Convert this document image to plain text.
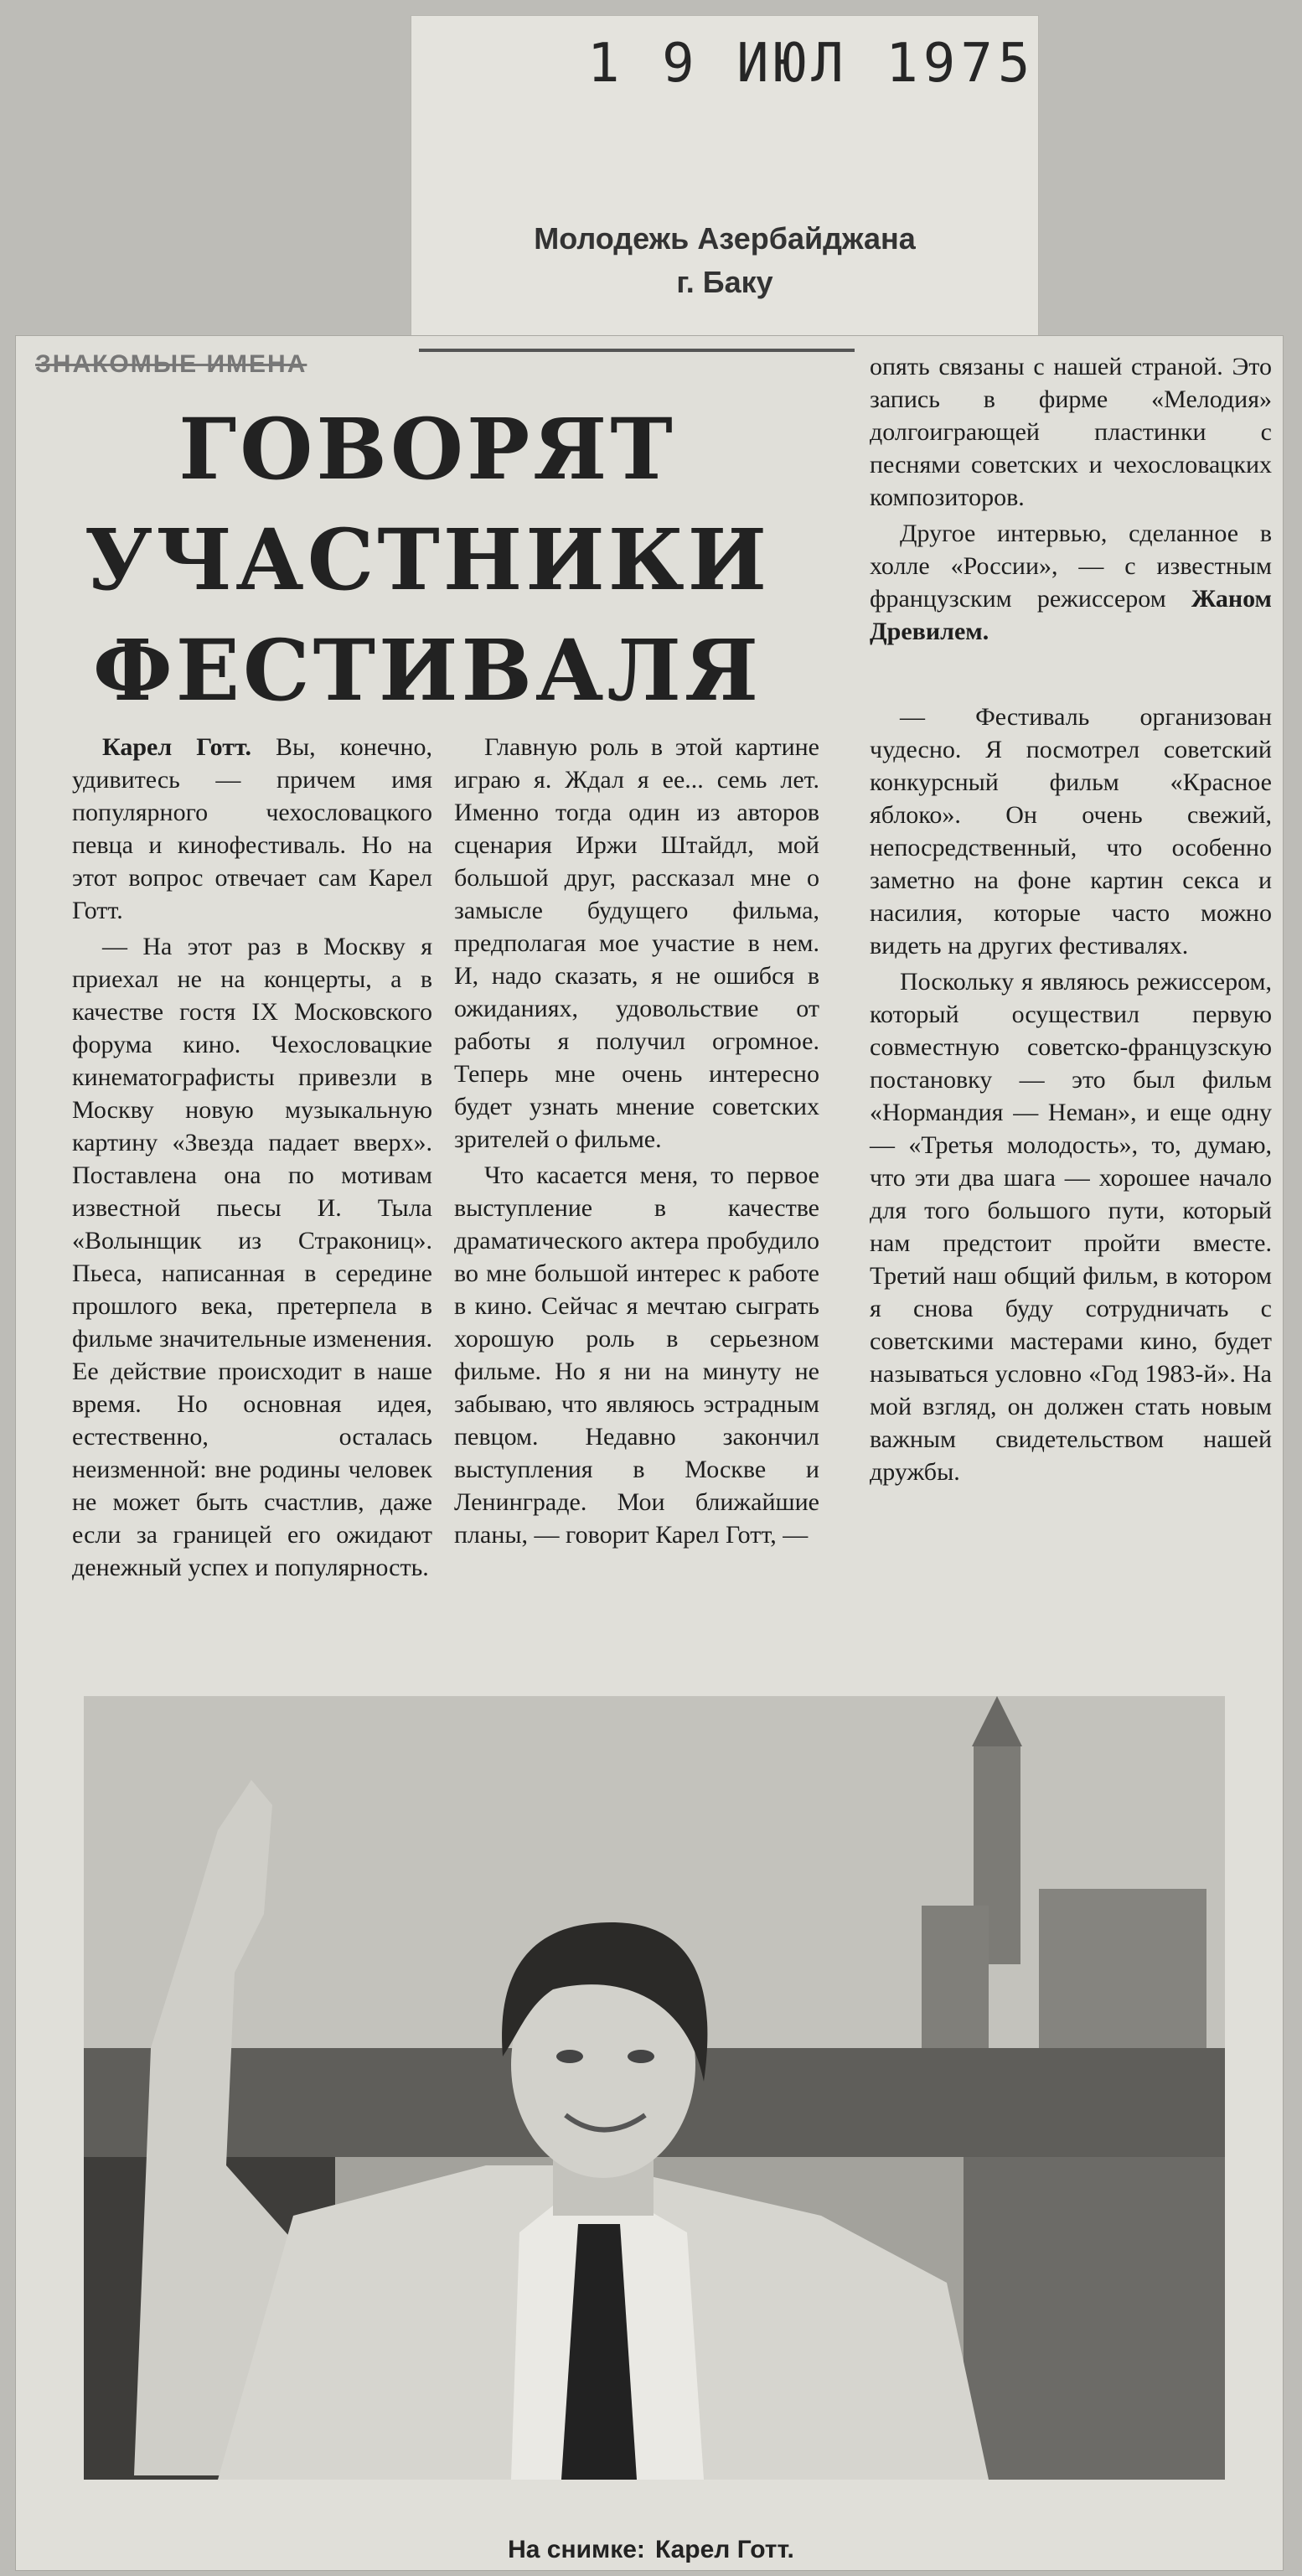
1 9 ИЮЛ 1975
Молодежь Азербайджана
г. Баку
ЗНАКОМЫЕ ИМЕНА
ГОВОРЯТ
УЧАСТНИКИ
ФЕСТИВАЛЯ

Карел Готт. Вы, конечно, удивитесь — причем имя популярного чехословацкого певца и кинофестиваль. Но на этот вопрос отвечает сам Карел Готт.

— На этот раз в Москву я приехал не на концерты, а в качестве гостя IX Московского форума кино. Чехословацкие кинематографисты привезли в Москву новую музыкальную картину «Звезда падает вверх». Поставлена она по мотивам известной пьесы И. Тыла «Волынщик из Стракониц». Пьеса, написанная в середине прошлого века, претерпела в фильме значительные изменения. Ее действие происходит в наше время. Но основная идея, естественно, осталась неизменной: вне родины человек не может быть счастлив, даже если за границей его ожидают денежный успех и популярность.

Главную роль в этой картине играю я. Ждал я ее... семь лет. Именно тогда один из авторов сценария Иржи Штайдл, мой большой друг, рассказал мне о замысле будущего фильма, предполагая мое участие в нем. И, надо сказать, я не ошибся в ожиданиях, удовольствие от работы я получил огромное. Теперь мне очень интересно будет узнать мнение советских зрителей о фильме.

Что касается меня, то первое выступление в качестве драматического актера пробудило во мне большой интерес к работе в кино. Сейчас я мечтаю сыграть хорошую роль в серьезном фильме. Но я ни на минуту не забываю, что являюсь эстрадным певцом. Недавно закончил выступления в Москве и Ленинграде. Мои ближайшие планы, — говорит Карел Готт, —

опять связаны с нашей страной. Это запись в фирме «Мелодия» долгоиграющей пластинки с песнями советских и чехословацких композиторов.

Другое интервью, сделанное в холле «России», — с известным французским режиссером Жаном Древилем.

— Фестиваль организован чудесно. Я посмотрел советский конкурсный фильм «Красное яблоко». Он очень свежий, непосредственный, что особенно заметно на фоне картин секса и насилия, которые часто можно видеть на других фестивалях.

Поскольку я являюсь режиссером, который осуществил первую совместную советско-французскую постановку — это был фильм «Нормандия — Неман», и еще одну — «Третья молодость», то, думаю, что эти два шага — хорошее начало для того большого пути, который нам предстоит пройти вместе. Третий наш общий фильм, в котором я снова буду сотрудничать с советскими мастерами кино, будет называться условно «Год 1983-й». На мой взгляд, он должен стать новым важным свидетельством нашей дружбы.

На снимке: Карел Готт.
